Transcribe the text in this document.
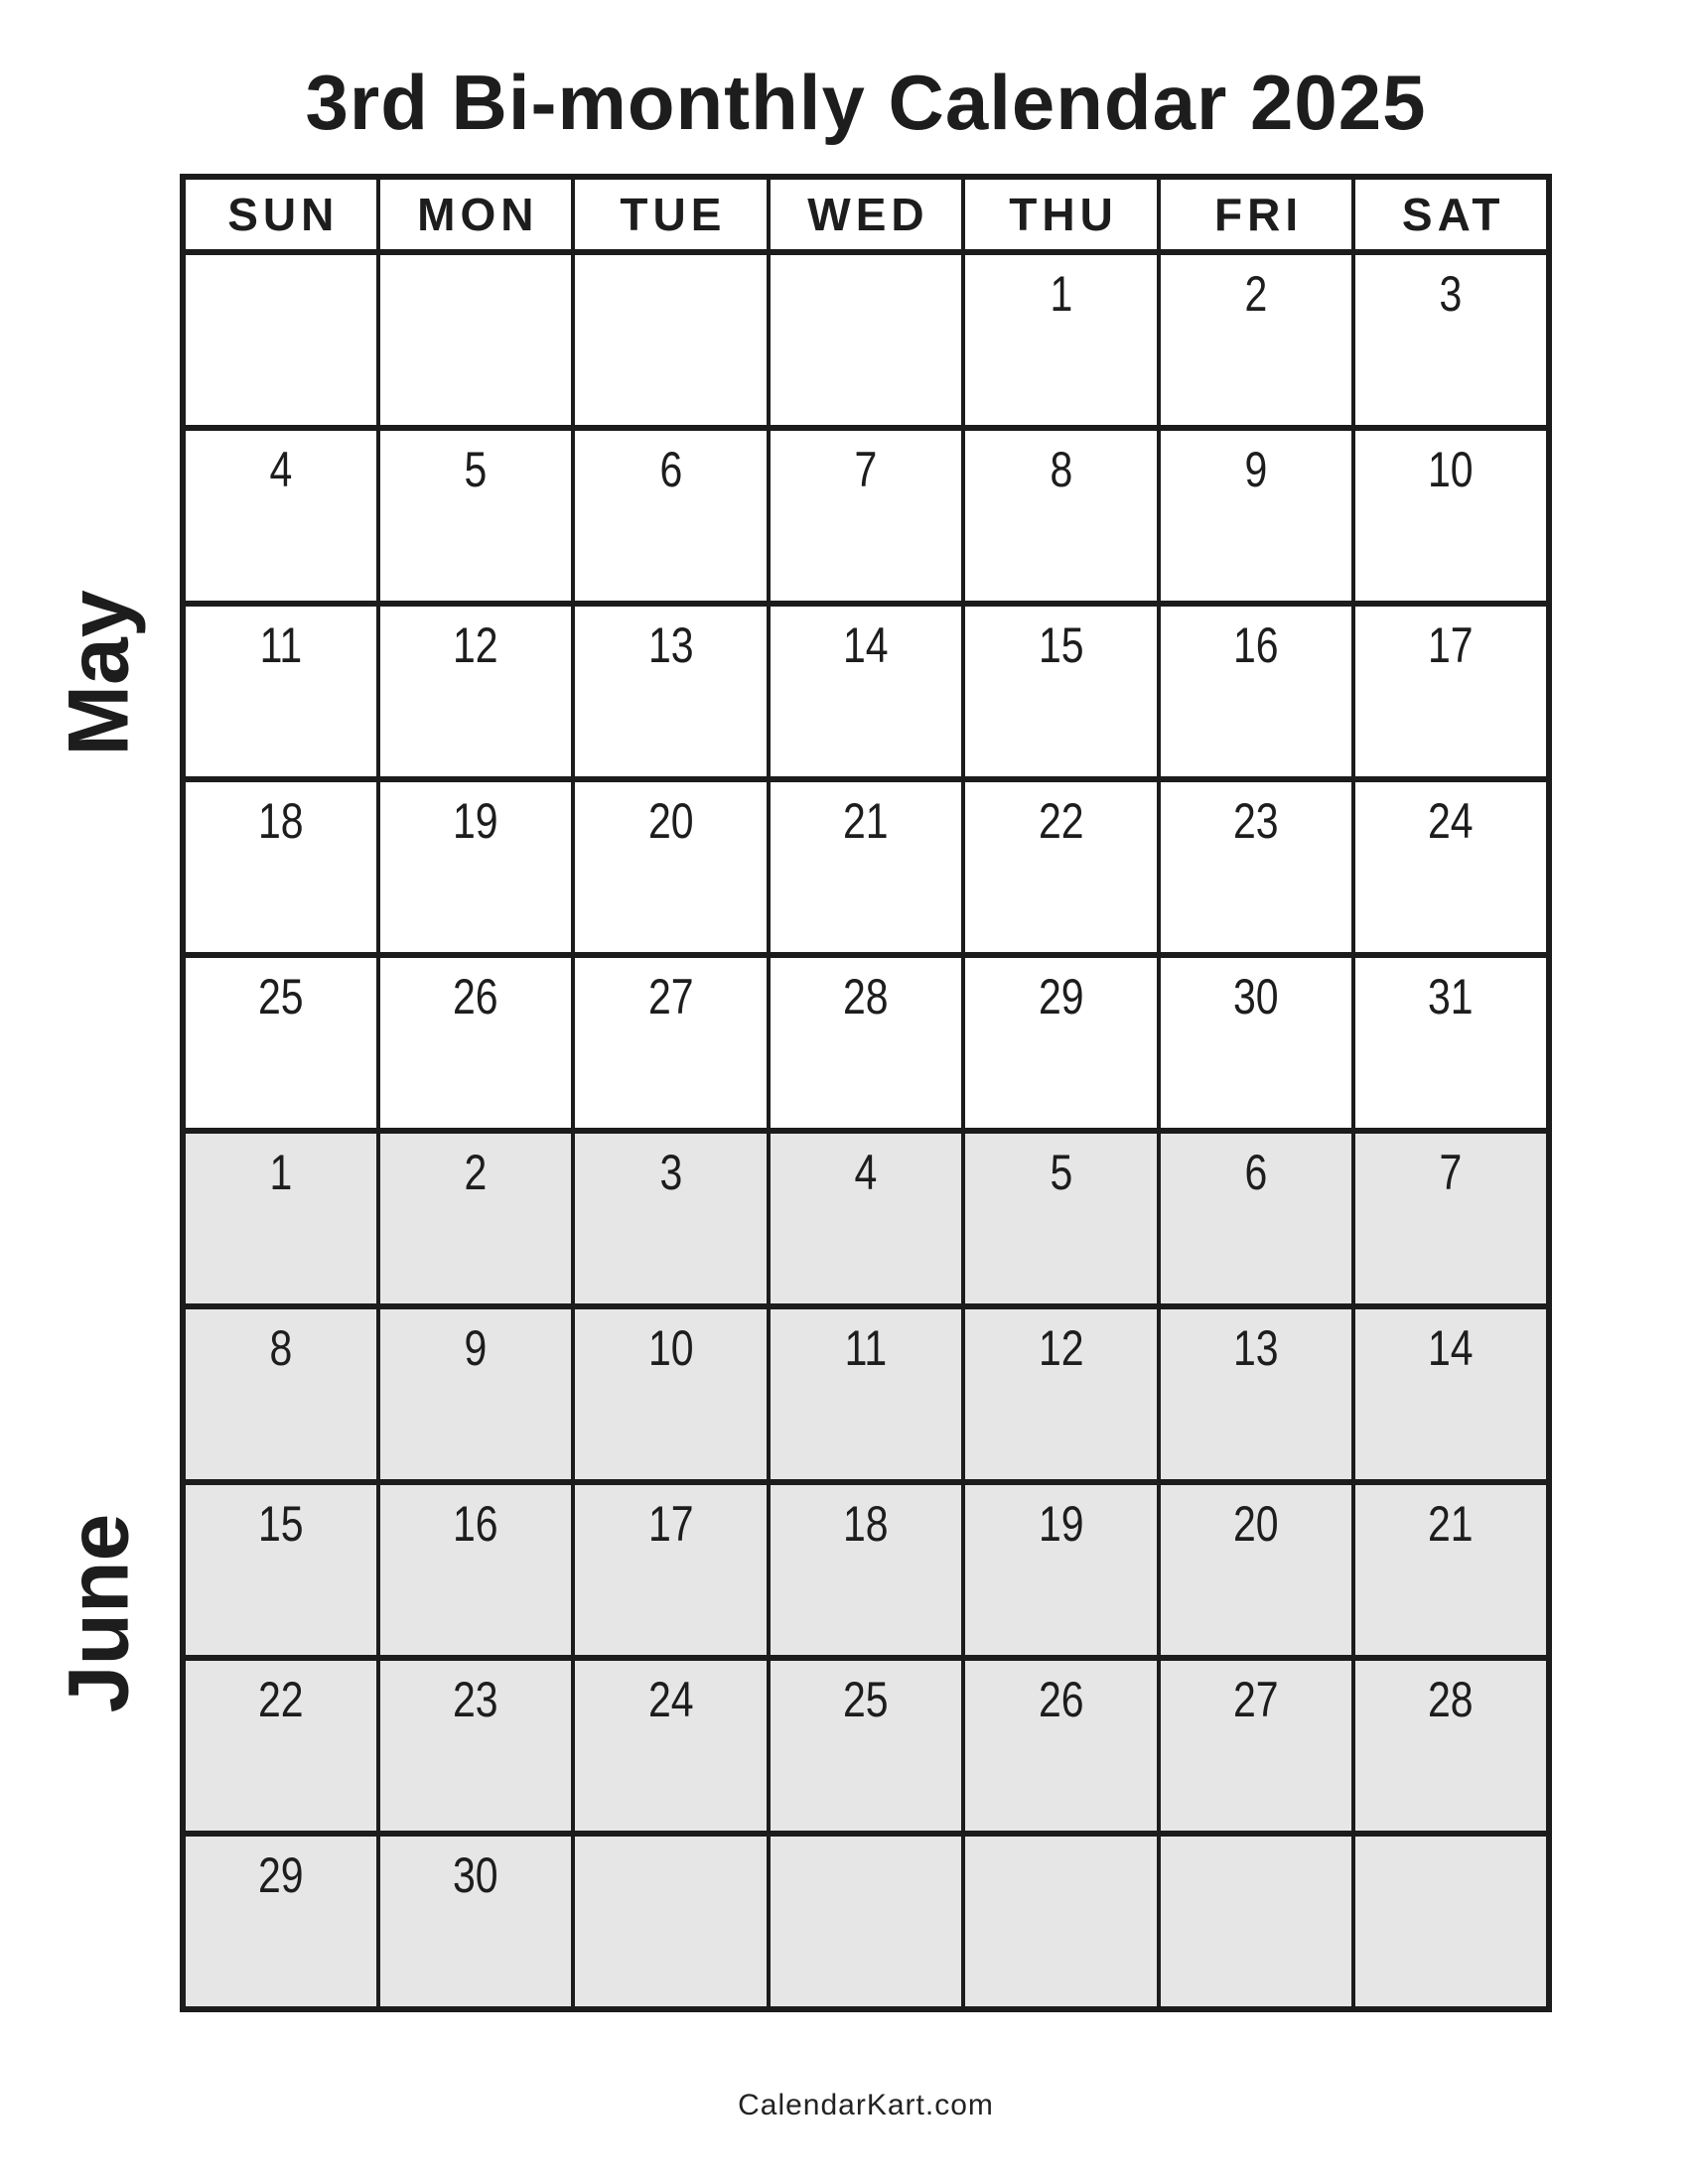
3rd Bi-monthly Calendar 2025
May
June
SUN	MON	TUE	WED	THU	FRI	SAT
				1	2	3
4	5	6	7	8	9	10
11	12	13	14	15	16	17
18	19	20	21	22	23	24
25	26	27	28	29	30	31
1	2	3	4	5	6	7
8	9	10	11	12	13	14
15	16	17	18	19	20	21
22	23	24	25	26	27	28
29	30					
CalendarKart.com
